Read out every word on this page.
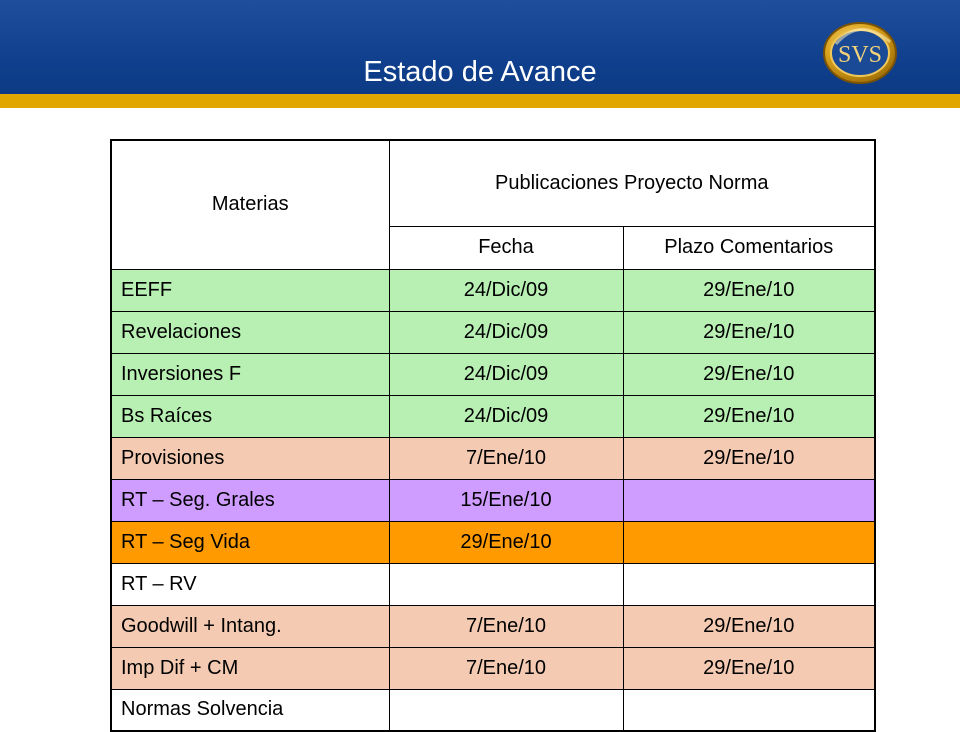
Estado de Avance
SVS
Materias	Publicaciones Proyecto Norma	
	Fecha	Plazo Comentarios
EEFF	24/Dic/09	29/Ene/10
Revelaciones	24/Dic/09	29/Ene/10
Inversiones F	24/Dic/09	29/Ene/10
Bs Raíces	24/Dic/09	29/Ene/10
Provisiones	7/Ene/10	29/Ene/10
RT – Seg. Grales	15/Ene/10	
RT – Seg Vida	29/Ene/10	
RT – RV		
Goodwill + Intang.	7/Ene/10	29/Ene/10
Imp Dif + CM	7/Ene/10	29/Ene/10
Normas Solvencia		
